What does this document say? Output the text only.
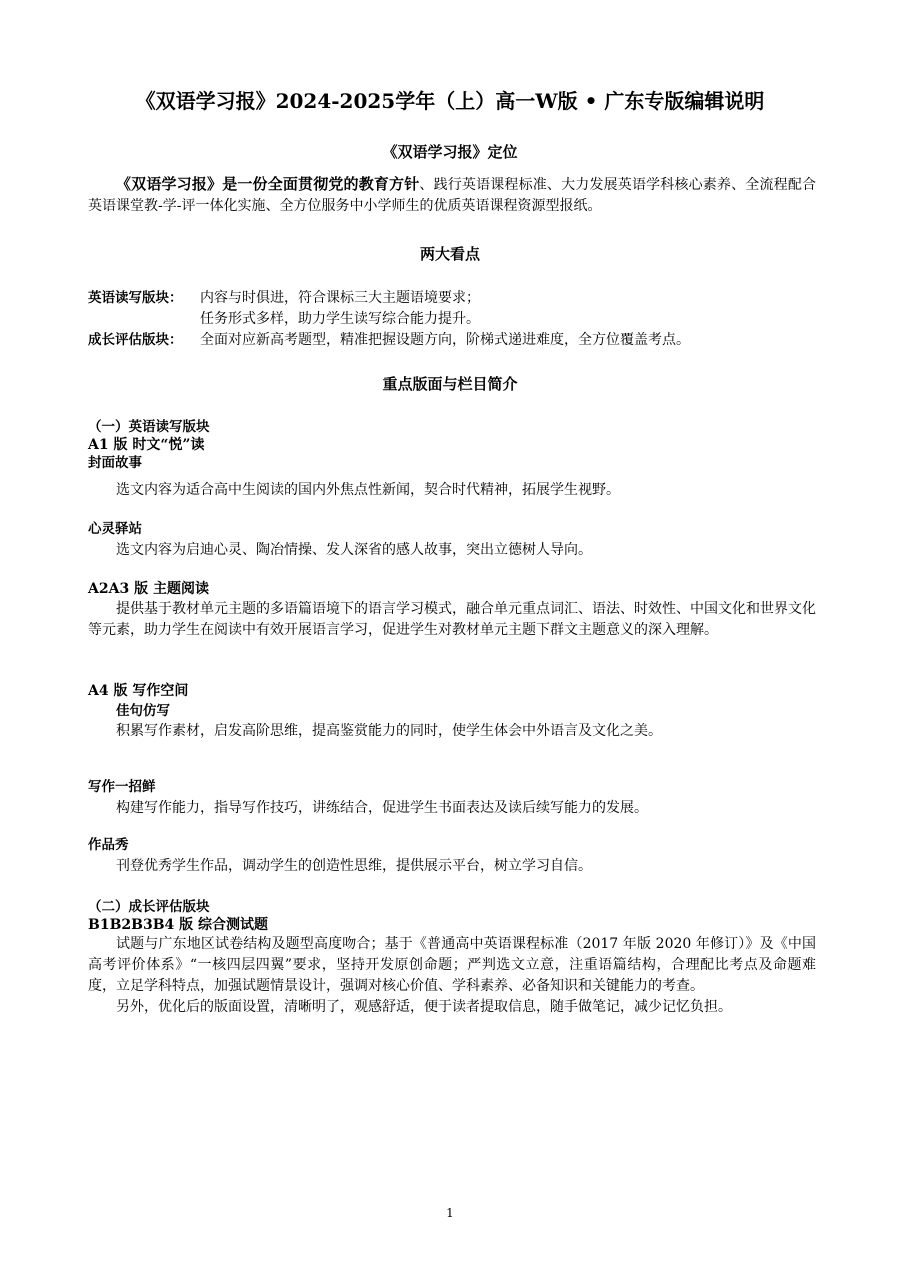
《双语学习报》2024-2025学年（上）高一W版 • 广东专版编辑说明
《双语学习报》定位

《双语学习报》是一份全面贯彻党的教育方针、践行英语课程标准、大力发展英语学科核心素养、全流程配合英语课堂教-学-评一体化实施、全方位服务中小学师生的优质英语课程资源型报纸。

两大看点
英语读写版块：	内容与时俱进，符合课标三大主题语境要求；
任务形式多样，助力学生读写综合能力提升。
成长评估版块：	全面对应新高考题型，精准把握设题方向，阶梯式递进难度，全方位覆盖考点。
重点版面与栏目简介
（一）英语读写版块
A1 版 时文“悦”读
封面故事
选文内容为适合高中生阅读的国内外焦点性新闻，契合时代精神，拓展学生视野。
心灵驿站
选文内容为启迪心灵、陶冶情操、发人深省的感人故事，突出立德树人导向。
A2A3 版 主题阅读
提供基于教材单元主题的多语篇语境下的语言学习模式，融合单元重点词汇、语法、时效性、中国文化和世界文化等元素，助力学生在阅读中有效开展语言学习，促进学生对教材单元主题下群文主题意义的深入理解。
A4 版 写作空间
佳句仿写
积累写作素材，启发高阶思维，提高鉴赏能力的同时，使学生体会中外语言及文化之美。
写作一招鲜
构建写作能力，指导写作技巧，讲练结合，促进学生书面表达及读后续写能力的发展。
作品秀
刊登优秀学生作品，调动学生的创造性思维，提供展示平台，树立学习自信。
（二）成长评估版块
B1B2B3B4 版 综合测试题
试题与广东地区试卷结构及题型高度吻合；基于《普通高中英语课程标准（2017 年版 2020 年修订）》及《中国高考评价体系》“一核四层四翼”要求，坚持开发原创命题；严判选文立意，注重语篇结构，合理配比考点及命题难度，立足学科特点，加强试题情景设计，强调对核心价值、学科素养、必备知识和关键能力的考查。
另外，优化后的版面设置，清晰明了，观感舒适，便于读者提取信息，随手做笔记，减少记忆负担。
1
